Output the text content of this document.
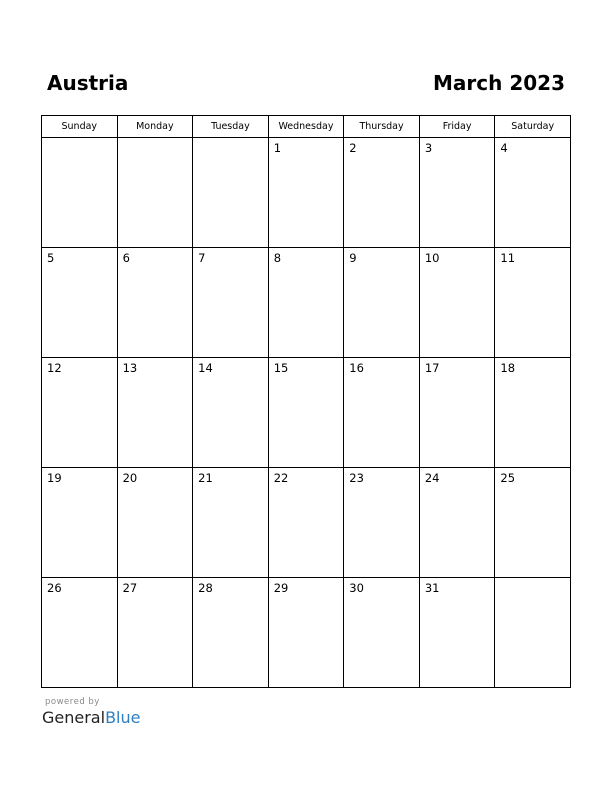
Austria	March 2023
Sunday	Monday	Tuesday	Wednesday	Thursday	Friday	Saturday

			1	2	3	4

5	6	7	8	9	10	11

12	13	14	15	16	17	18

19	20	21	22	23	24	25

26	27	28	29	30	31	

powered by
GeneralBlue
